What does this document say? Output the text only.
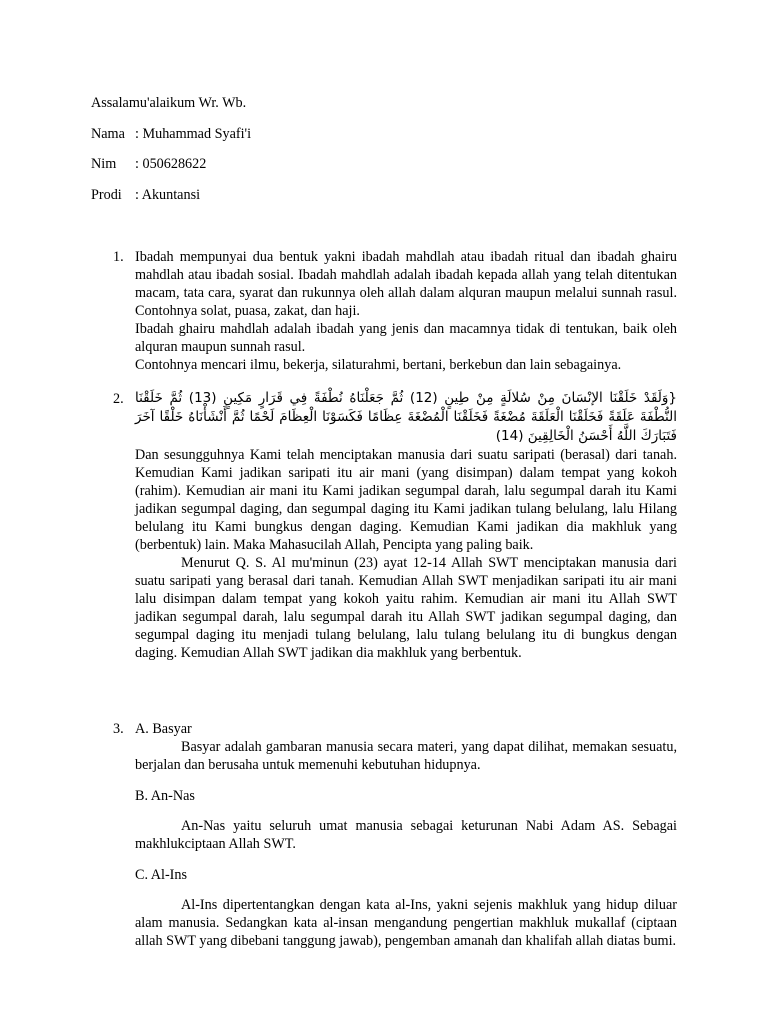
Assalamu'alaikum Wr. Wb.
Nama : Muhammad Syafi'i
Nim : 050628622
Prodi : Akuntansi
1. Ibadah mempunyai dua bentuk yakni ibadah mahdlah atau ibadah ritual dan ibadah ghairu mahdlah atau ibadah sosial. Ibadah mahdlah adalah ibadah kepada allah yang telah ditentukan macam, tata cara, syarat dan rukunnya oleh allah dalam alquran maupun melalui sunnah rasul. Contohnya solat, puasa, zakat, dan haji.

Ibadah ghairu mahdlah adalah ibadah yang jenis dan macamnya tidak di tentukan, baik oleh alquran maupun sunnah rasul.

Contohnya mencari ilmu, bekerja, silaturahmi, bertani, berkebun dan lain sebagainya.

2. {وَلَقَدْ خَلَقْنَا الإنْسَانَ مِنْ سُلالَةٍ مِنْ طِينٍ (12) ثُمَّ جَعَلْنَاهُ نُطْفَةً فِي قَرَارٍ مَكِينٍ (13) ثُمَّ خَلَقْنَا النُّطْفَةَ عَلَقَةً فَخَلَقْنَا الْعَلَقَةَ مُضْغَةً فَخَلَقْنَا الْمُضْغَةَ عِظَامًا فَكَسَوْنَا الْعِظَامَ لَحْمًا ثُمَّ أَنْشَأْنَاهُ خَلْقًا آخَرَ فَتَبَارَكَ اللَّهُ أَحْسَنُ الْخَالِقِينَ (14)

Dan sesungguhnya Kami telah menciptakan manusia dari suatu saripati (berasal) dari tanah. Kemudian Kami jadikan saripati itu air mani (yang disimpan) dalam tempat yang kokoh (rahim). Kemudian air mani itu Kami jadikan segumpal darah, lalu segumpal darah itu Kami jadikan segumpal daging, dan segumpal daging itu Kami jadikan tulang belulang, lalu Hilang belulang itu Kami bungkus dengan daging. Kemudian Kami jadikan dia makhluk yang (berbentuk) lain. Maka Mahasucilah Allah, Pencipta yang paling baik.

Menurut Q. S. Al mu'minun (23) ayat 12-14 Allah SWT menciptakan manusia dari suatu saripati yang berasal dari tanah. Kemudian Allah SWT menjadikan saripati itu air mani lalu disimpan dalam tempat yang kokoh yaitu rahim. Kemudian air mani itu Allah SWT jadikan segumpal darah, lalu segumpal darah itu Allah SWT jadikan segumpal daging, dan segumpal daging itu menjadi tulang belulang, lalu tulang belulang itu di bungkus dengan daging. Kemudian Allah SWT jadikan dia makhluk yang berbentuk.

3. A. Basyar
Basyar adalah gambaran manusia secara materi, yang dapat dilihat, memakan sesuatu, berjalan dan berusaha untuk memenuhi kebutuhan hidupnya.
B. An-Nas
An-Nas yaitu seluruh umat manusia sebagai keturunan Nabi Adam AS. Sebagai makhlukciptaan Allah SWT.
C. Al-Ins
Al-Ins dipertentangkan dengan kata al-Ins, yakni sejenis makhluk yang hidup diluar alam manusia. Sedangkan kata al-insan mengandung pengertian makhluk mukallaf (ciptaan allah SWT yang dibebani tanggung jawab), pengemban amanah dan khalifah allah diatas bumi.
